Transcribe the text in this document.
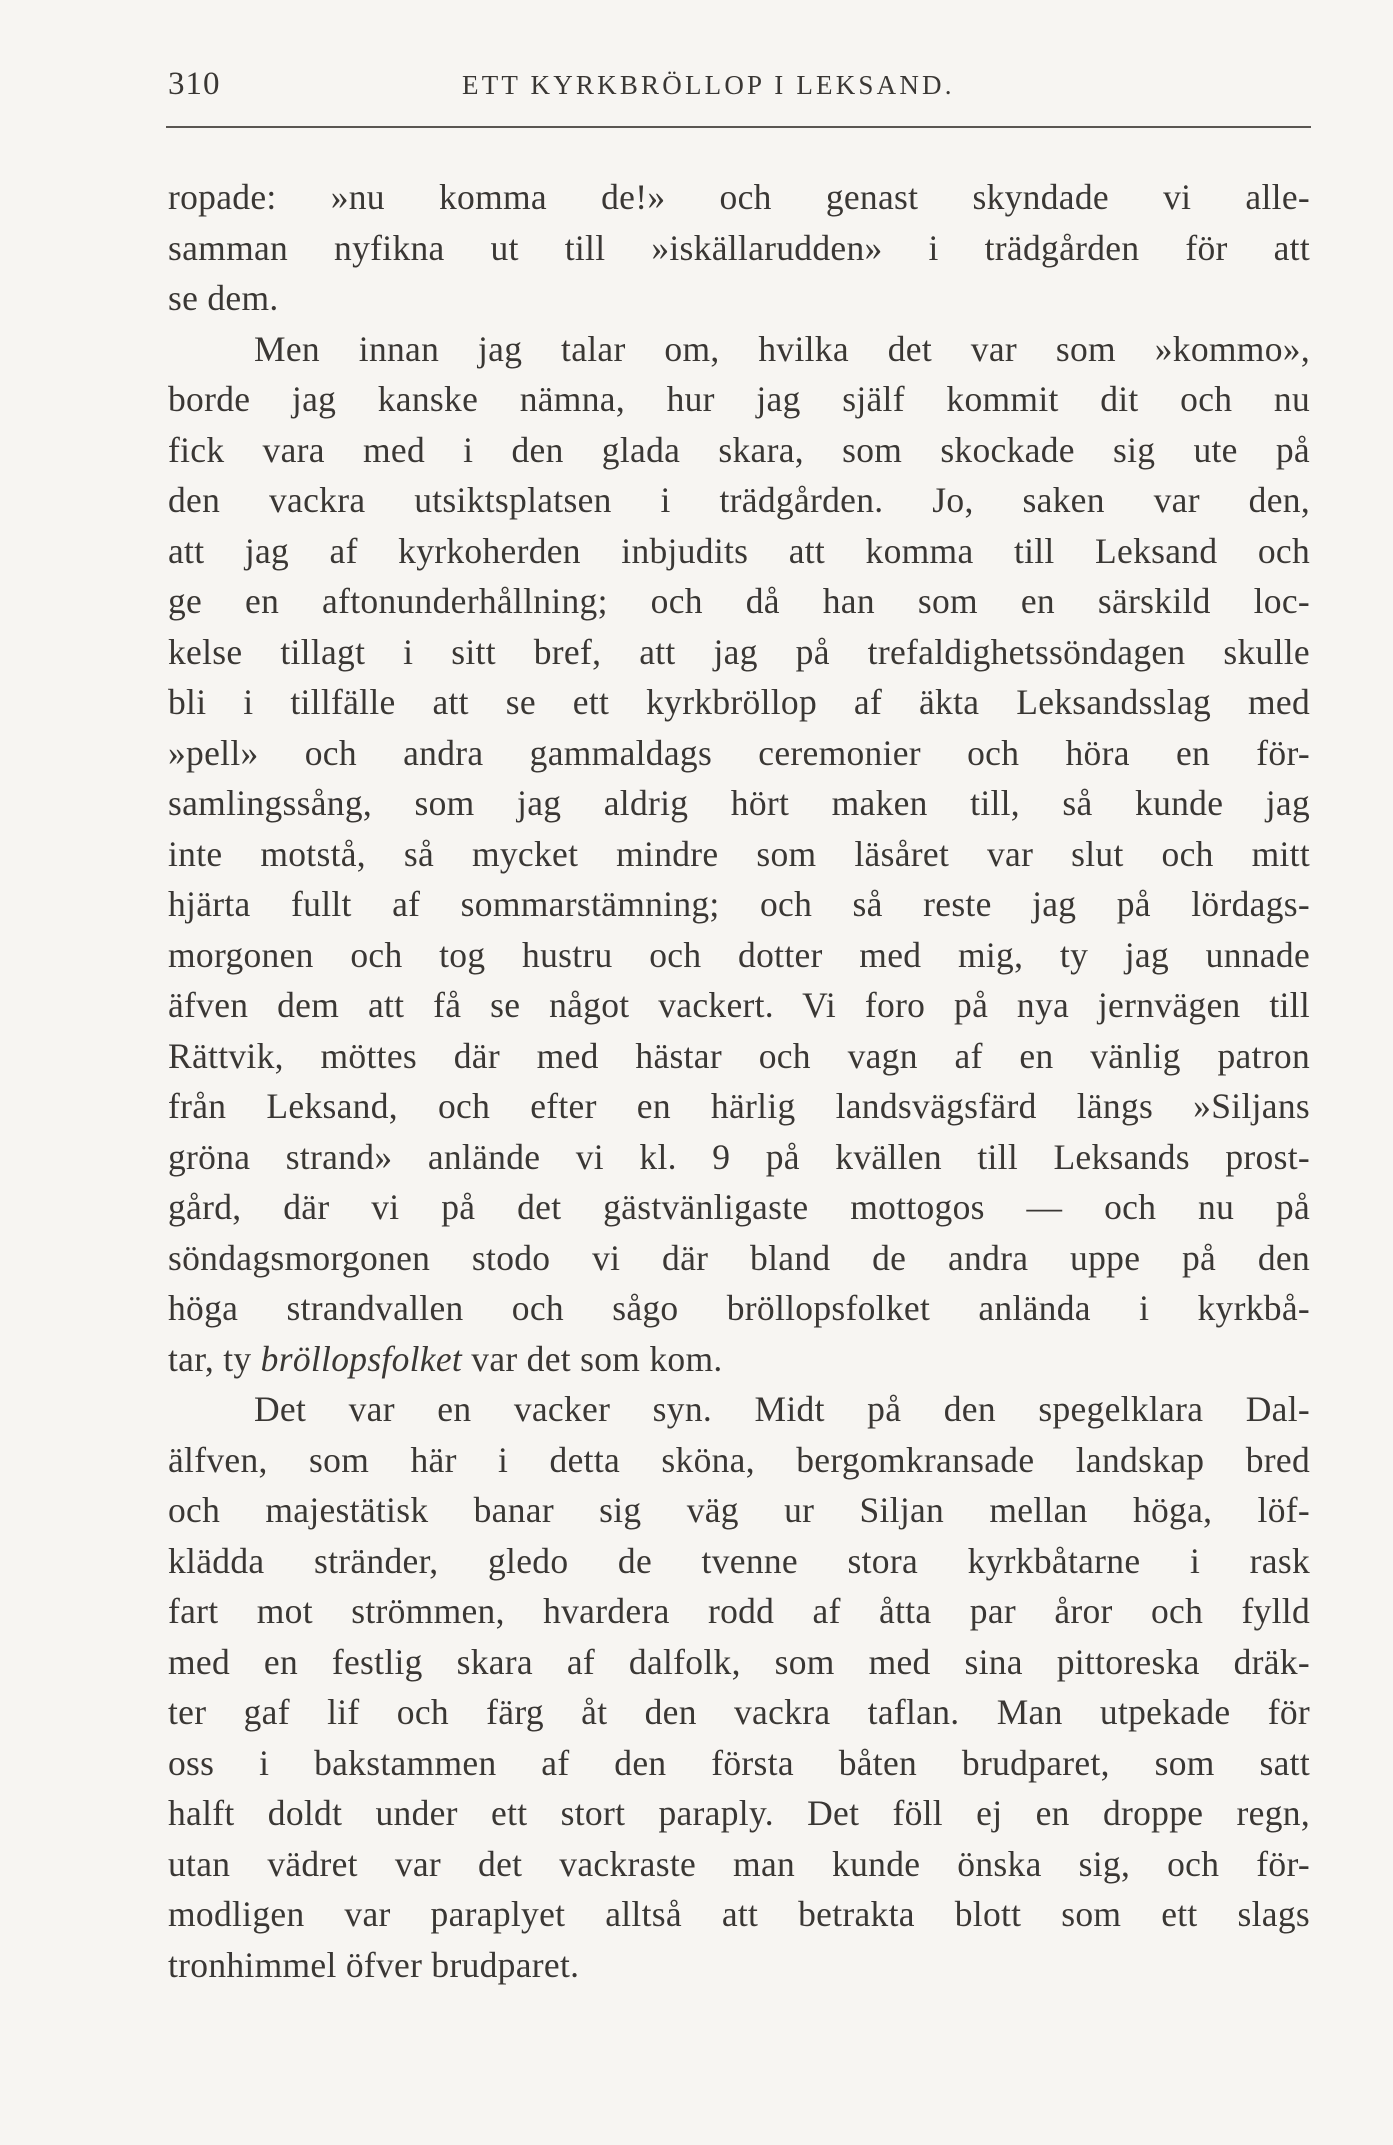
310	ETT KYRKBRÖLLOP I LEKSAND.
ropade: »nu komma de!» och genast skyndade vi alle-
samman nyfikna ut till »iskällarudden» i trädgården för att
se dem.
Men innan jag talar om, hvilka det var som »kommo»,
borde jag kanske nämna, hur jag själf kommit dit och nu
fick vara med i den glada skara, som skockade sig ute på
den vackra utsiktsplatsen i trädgården. Jo, saken var den,
att jag af kyrkoherden inbjudits att komma till Leksand och
ge en aftonunderhållning; och då han som en särskild loc-
kelse tillagt i sitt bref, att jag på trefaldighetssöndagen skulle
bli i tillfälle att se ett kyrkbröllop af äkta Leksandsslag med
»pell» och andra gammaldags ceremonier och höra en för-
samlingssång, som jag aldrig hört maken till, så kunde jag
inte motstå, så mycket mindre som läsåret var slut och mitt
hjärta fullt af sommarstämning; och så reste jag på lördags-
morgonen och tog hustru och dotter med mig, ty jag unnade
äfven dem att få se något vackert. Vi foro på nya jernvägen till
Rättvik, möttes där med hästar och vagn af en vänlig patron
från Leksand, och efter en härlig landsvägsfärd längs »Siljans
gröna strand» anlände vi kl. 9 på kvällen till Leksands prost-
gård, där vi på det gästvänligaste mottogos — och nu på
söndagsmorgonen stodo vi där bland de andra uppe på den
höga strandvallen och sågo bröllopsfolket anlända i kyrkbå-
tar, ty bröllopsfolket var det som kom.
Det var en vacker syn. Midt på den spegelklara Dal-
älfven, som här i detta sköna, bergomkransade landskap bred
och majestätisk banar sig väg ur Siljan mellan höga, löf-
klädda stränder, gledo de tvenne stora kyrkbåtarne i rask
fart mot strömmen, hvardera rodd af åtta par åror och fylld
med en festlig skara af dalfolk, som med sina pittoreska dräk-
ter gaf lif och färg åt den vackra taflan. Man utpekade för
oss i bakstammen af den första båten brudparet, som satt
halft doldt under ett stort paraply. Det föll ej en droppe regn,
utan vädret var det vackraste man kunde önska sig, och för-
modligen var paraplyet alltså att betrakta blott som ett slags
tronhimmel öfver brudparet.
